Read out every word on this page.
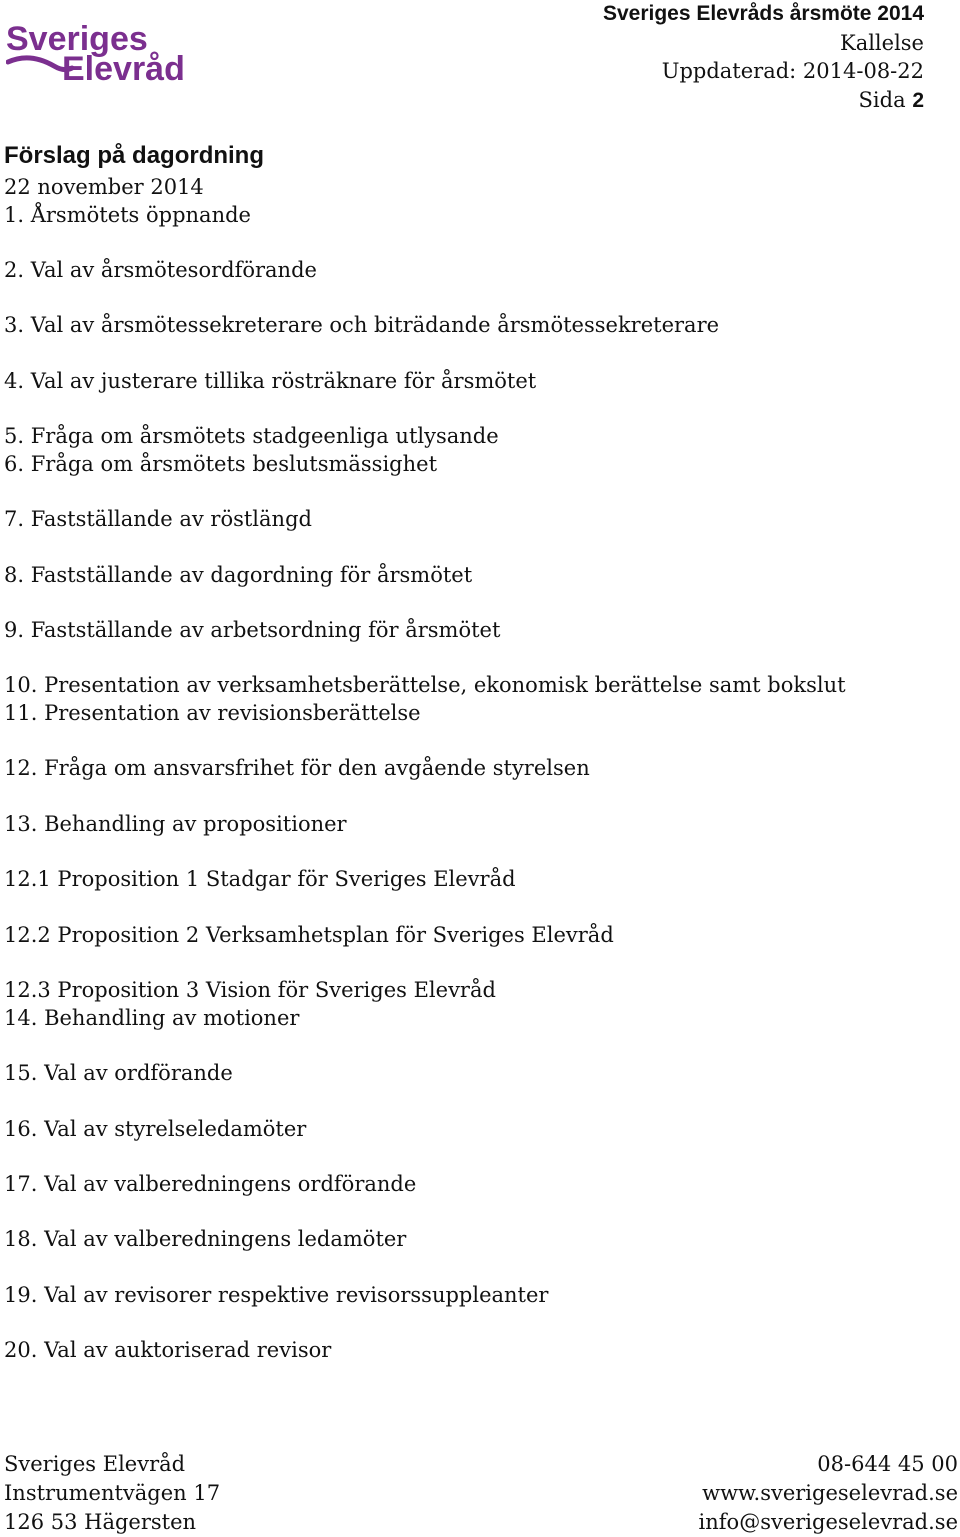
Sveriges
Elevråd
Sveriges Elevråds årsmöte 2014
Kallelse
Uppdaterad: 2014-08-22
Sida 2
Förslag på dagordning
22 november 2014
1. Årsmötets öppnande
2. Val av årsmötesordförande
3. Val av årsmötessekreterare och biträdande årsmötessekreterare
4. Val av justerare tillika rösträknare för årsmötet
5. Fråga om årsmötets stadgeenliga utlysande
6. Fråga om årsmötets beslutsmässighet
7. Fastställande av röstlängd
8. Fastställande av dagordning för årsmötet
9. Fastställande av arbetsordning för årsmötet
10. Presentation av verksamhetsberättelse, ekonomisk berättelse samt bokslut
11. Presentation av revisionsberättelse
12. Fråga om ansvarsfrihet för den avgående styrelsen
13. Behandling av propositioner
12.1 Proposition 1 Stadgar för Sveriges Elevråd
12.2 Proposition 2 Verksamhetsplan för Sveriges Elevråd
12.3 Proposition 3 Vision för Sveriges Elevråd
14. Behandling av motioner
15. Val av ordförande
16. Val av styrelseledamöter
17. Val av valberedningens ordförande
18. Val av valberedningens ledamöter
19. Val av revisorer respektive revisorssuppleanter
20. Val av auktoriserad revisor
Sveriges Elevråd
Instrumentvägen 17
126 53 Hägersten
08-644 45 00
www.sverigeselevrad.se
info@sverigeselevrad.se
